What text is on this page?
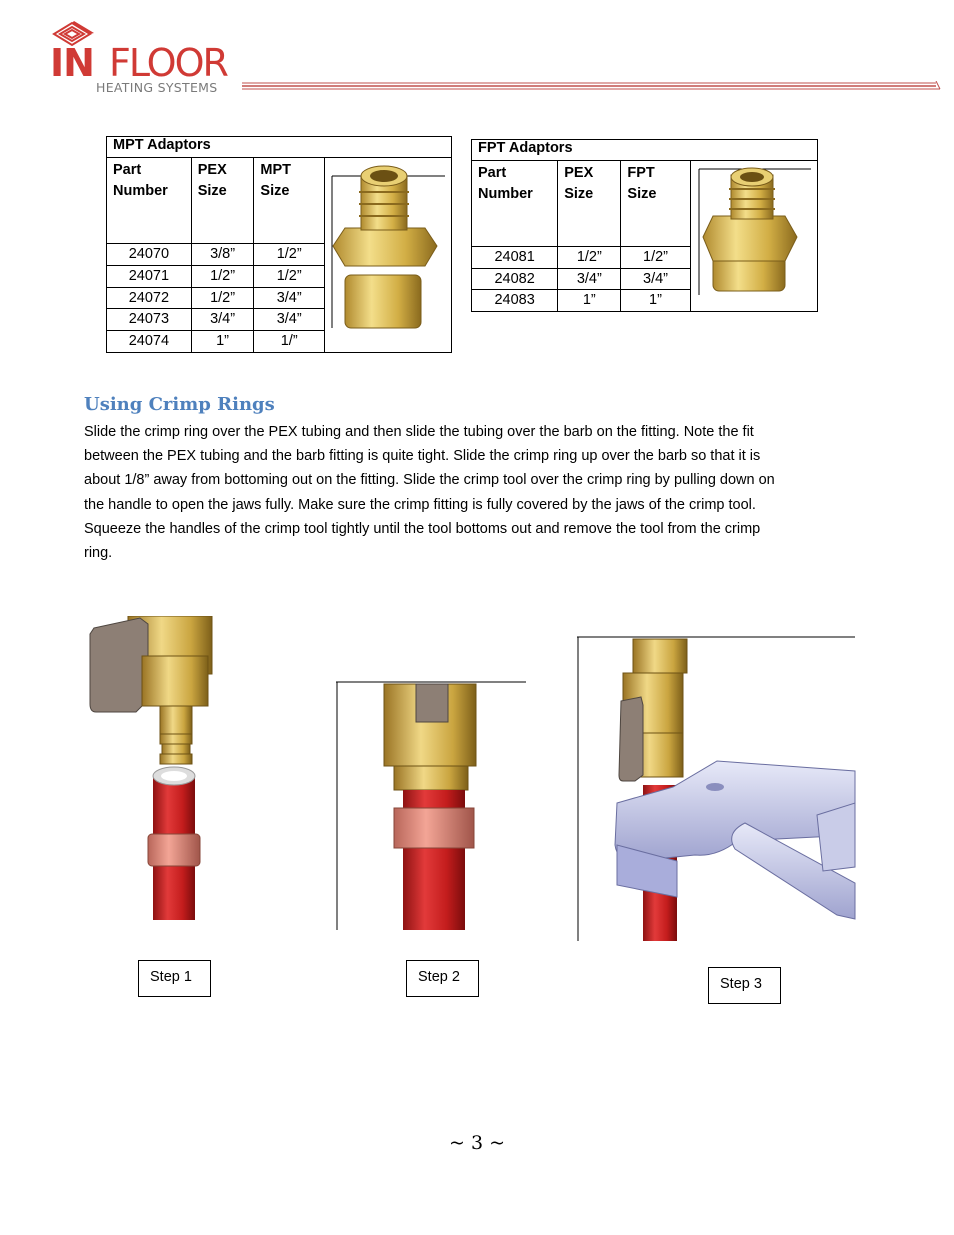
IN FLOOR
HEATING SYSTEMS
MPT Adaptors			
Part Number	PEX Size	MPT Size	
24070	3/8”	1/2”	
24071	1/2”	1/2”	
24072	1/2”	3/4”	
24073	3/4”	3/4”	
24074	1”	1/”	
FPT Adaptors			
Part Number	PEX Size	FPT Size	
24081	1/2”	1/2”	
24082	3/4”	3/4”	
24083	1”	1”	
Using Crimp Rings
Slide the crimp ring over the PEX tubing and then slide the tubing over the barb on the fitting. Note the fit
between the PEX tubing and the barb fitting is quite tight. Slide the crimp ring up over the barb so that it is
about 1/8” away from bottoming out on the fitting. Slide the crimp tool over the crimp ring by pulling down on
the handle to open the jaws fully. Make sure the crimp fitting is fully covered by the jaws of the crimp tool.
Squeeze the handles of the crimp tool tightly until the tool bottoms out and remove the tool from the crimp
ring.
Step 1	Step 2	Step 3
~ 3 ~
